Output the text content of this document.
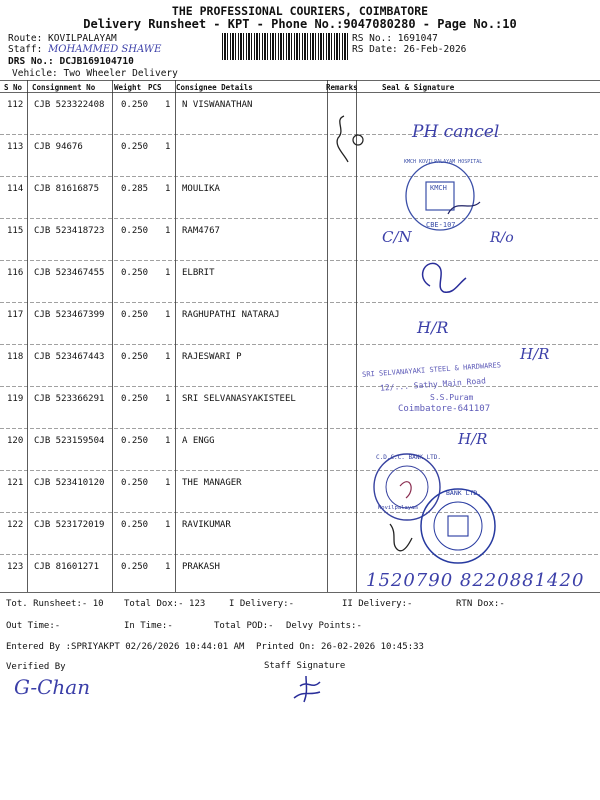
THE PROFESSIONAL COURIERS, COIMBATORE
Delivery Runsheet - KPT - Phone No.:9047080280 - Page No.:10
Route: KOVILPALAYAM
Staff: MOHAMMED SHAWE
DRS No.: DCJB169104710
Vehicle: Two Wheeler Delivery
RS No.: 1691047
RS Date: 26-Feb-2026
S No Consignment No	Weight PCS Consignee Details	Remarks	Seal & Signature
112 CJB 523322408 0.250 1 N VISWANATHAN
113 CJB 94676	0.250 1
114 CJB 81616875 0.285 1 MOULIKA
115 CJB 523418723 0.250 1 RAM4767
116 CJB 523467455 0.250 1 ELBRIT
117 CJB 523467399 0.250 1 RAGHUPATHI NATARAJ
118 CJB 523467443 0.250 1 RAJESWARI P
119 CJB 523366291 0.250 1 SRI SELVANASYAKISTEEL
120 CJB 523159504 0.250 1 A ENGG
121 CJB 523410120 0.250 1 THE MANAGER
122 CJB 523172019 0.250 1 RAVIKUMAR
123 CJB 81601271 0.250 1 PRAKASH
PH cancel
C/N	R/o
H/R
H/R
H/R
KMCH
KMCH KOVILPALAYAM HOSPITAL
CBE-107
SRI SELVANAYAKI STEEL & HARDWARES
12/... Sathy Main Road
S.S.Puram
Coimbatore-641107
C.D.C.C. BANK LTD.
Kovilpalayam
BANK LTD.
1520790 8220881420
Tot. Runsheet:- 10 Total Dox:- 123	I Delivery:-	II Delivery:-	RTN Dox:-
Out Time:-	In Time:-	Total POD:- Delvy Points:-
Entered By :SPRIYAKPT 02/26/2026 10:44:01 AM Printed On: 26-02-2026 10:45:33
Verified By
G-Chan
Staff Signature
